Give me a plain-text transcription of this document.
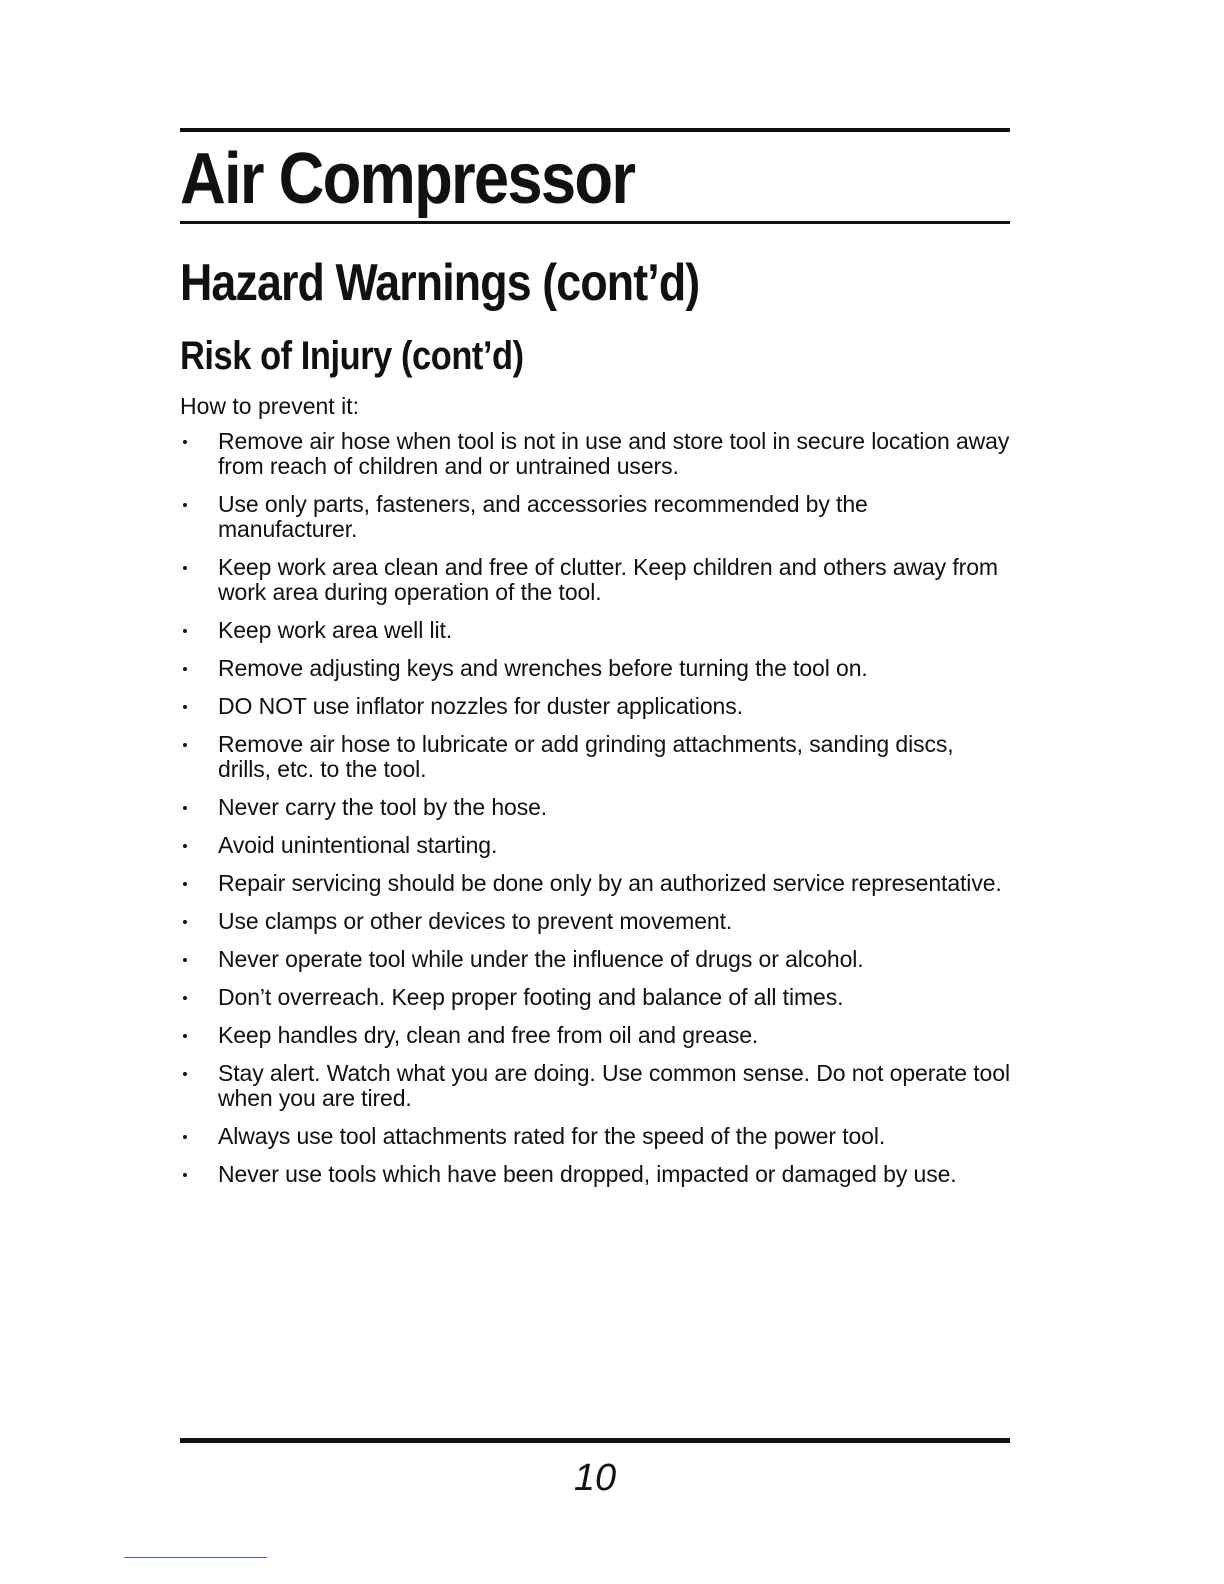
Air Compressor
Hazard Warnings (cont’d)
Risk of Injury (cont’d)
How to prevent it:
Remove air hose when tool is not in use and store tool in secure location away from reach of children and or untrained users.
Use only parts, fasteners, and accessories recommended by the manufacturer.
Keep work area clean and free of clutter. Keep children and others away from work area during operation of the tool.
Keep work area well lit.
Remove adjusting keys and wrenches before turning the tool on.
DO NOT use inflator nozzles for duster applications.
Remove air hose to lubricate or add grinding attachments, sanding discs, drills, etc. to the tool.
Never carry the tool by the hose.
Avoid unintentional starting.
Repair servicing should be done only by an authorized service representative.
Use clamps or other devices to prevent movement.
Never operate tool while under the influence of drugs or alcohol.
Don’t overreach. Keep proper footing and balance of all times.
Keep handles dry, clean and free from oil and grease.
Stay alert. Watch what you are doing. Use common sense. Do not operate tool when you are tired.
Always use tool attachments rated for the speed of the power tool.
Never use tools which have been dropped, impacted or damaged by use.
10
